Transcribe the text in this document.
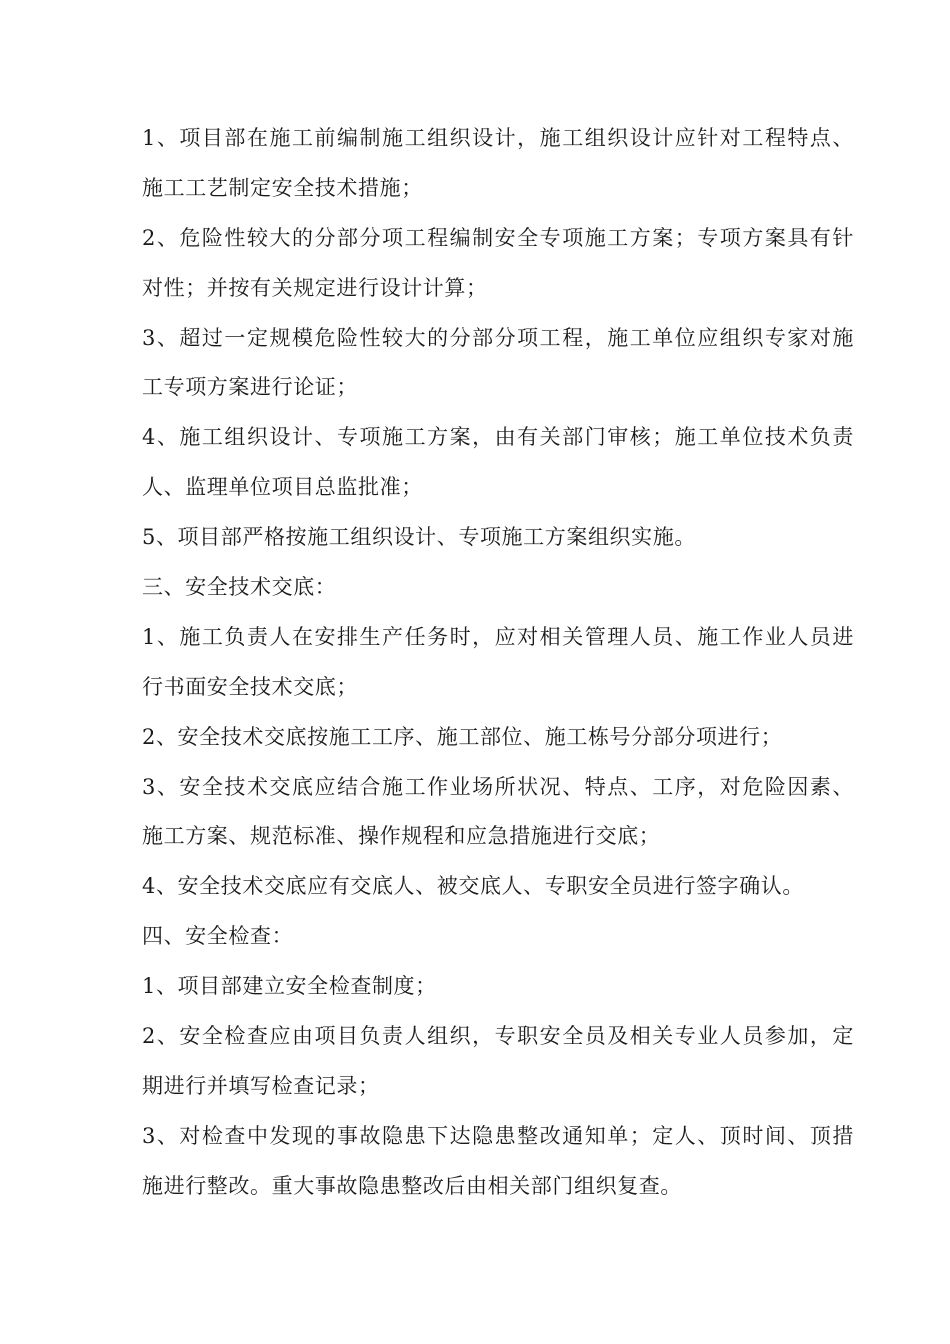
1、项目部在施工前编制施工组织设计，施工组织设计应针对工程特点、
施工工艺制定安全技术措施；
2、危险性较大的分部分项工程编制安全专项施工方案；专项方案具有针
对性；并按有关规定进行设计计算；
3、超过一定规模危险性较大的分部分项工程，施工单位应组织专家对施
工专项方案进行论证；
4、施工组织设计、专项施工方案，由有关部门审核；施工单位技术负责
人、监理单位项目总监批准；
5、项目部严格按施工组织设计、专项施工方案组织实施。
三、安全技术交底：
1、施工负责人在安排生产任务时，应对相关管理人员、施工作业人员进
行书面安全技术交底；
2、安全技术交底按施工工序、施工部位、施工栋号分部分项进行；
3、安全技术交底应结合施工作业场所状况、特点、工序，对危险因素、
施工方案、规范标准、操作规程和应急措施进行交底；
4、安全技术交底应有交底人、被交底人、专职安全员进行签字确认。
四、安全检查：
1、项目部建立安全检查制度；
2、安全检查应由项目负责人组织，专职安全员及相关专业人员参加，定
期进行并填写检查记录；
3、对检查中发现的事故隐患下达隐患整改通知单；定人、顶时间、顶措
施进行整改。重大事故隐患整改后由相关部门组织复查。
